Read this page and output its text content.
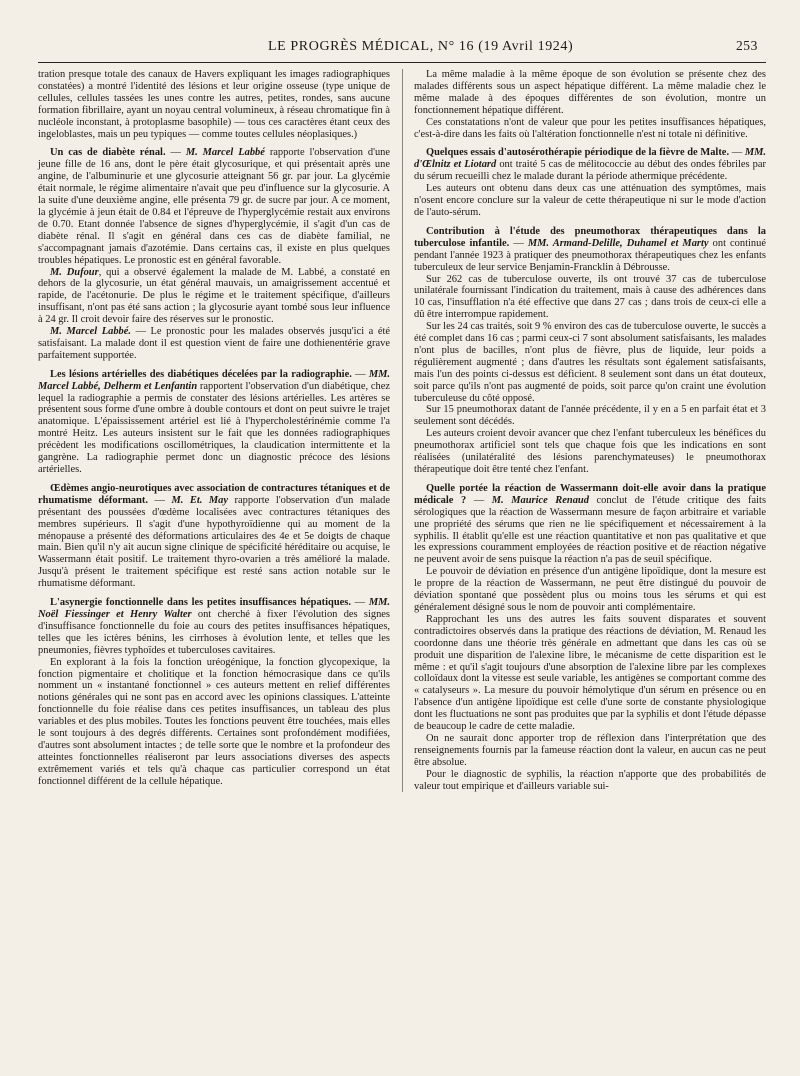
LE PROGRÈS MÉDICAL, N° 16 (19 Avril 1924)	253

tration presque totale des canaux de Havers expliquant les images radiographiques constatées) a montré l'identité des lésions et leur origine osseuse (type unique de cellules, cellules tassées les unes contre les autres, petites, rondes, sans aucune formation fibrillaire, ayant un noyau central volumineux, à réseau chromatique fin à nucléole inconstant, à protoplasme basophile) — tous ces caractères étant ceux des ingeloblastes, mais un peu typiques — comme toutes cellules néoplasiques.)

Un cas de diabète rénal. — M. Marcel Labbé rapporte l'observation d'une jeune fille de 16 ans, dont le père était glycosurique, et qui présentait après une angine, de l'albuminurie et une glycosurie atteignant 56 gr. par jour. La glycémie était normale, le régime alimentaire n'avait que peu d'influence sur la glycosurie. A la suite d'une deuxième angine, elle présenta 79 gr. de sucre par jour. A ce moment, la glycémie à jeun était de 0.84 et l'épreuve de l'hyperglycémie restait aux environs de 0.70. Etant donnée l'absence de signes d'hyperglycémie, il s'agit d'un cas de diabète rénal. Il s'agit en général dans ces cas de diabète familial, ne s'accompagnant jamais d'azotémie. Dans certains cas, il existe en plus quelques troubles hépatiques. Le pronostic est en général favorable.

M. Dufour, qui a observé également la malade de M. Labbé, a constaté en dehors de la glycosurie, un état général mauvais, un amaigrissement accentué et rapide, de l'acétonurie. De plus le régime et le traitement spécifique, d'ailleurs insuffisant, n'ont pas été sans action ; la glycosurie ayant tombé sous leur influence à 24 gr. Il croit devoir faire des réserves sur le pronostic.

M. Marcel Labbé. — Le pronostic pour les malades observés jusqu'ici a été satisfaisant. La malade dont il est question vient de faire une dothienentérie grave parfaitement supportée.

Les lésions artérielles des diabétiques décelées par la radiographie. — MM. Marcel Labbé, Delherm et Lenfantin rapportent l'observation d'un diabétique, chez lequel la radiographie a permis de constater des lésions artérielles. Les artères se présentent sous forme d'une ombre à double contours et dont on peut suivre le trajet anatomique. L'épaississement artériel est lié à l'hypercholestérinémie comme l'a montré Heitz. Les auteurs insistent sur le fait que les données radiographiques précèdent les modifications oscillométriques, la claudication intermittente et la gangrène. La radiographie permet donc un diagnostic précoce des lésions artérielles.

Œdèmes angio-neurotiques avec association de contractures tétaniques et de rhumatisme déformant. — M. Et. May rapporte l'observation d'un malade présentant des poussées d'œdème localisées avec contractures tétaniques des membres supérieurs. Il s'agit d'une hypothyroïdienne qui au moment de la ménopause a présenté des déformations articulaires des 4e et 5e doigts de chaque main. Bien qu'il n'y ait aucun signe clinique de spécificité héréditaire ou acquise, le Wassermann était positif. Le traitement thyro-ovarien a très amélioré la malade. Jusqu'à présent le traitement spécifique est resté sans action notable sur le rhumatisme déformant.

L'asynergie fonctionnelle dans les petites insuffisances hépatiques. — MM. Noël Fiessinger et Henry Walter ont cherché à fixer l'évolution des signes d'insuffisance fonctionnelle du foie au cours des petites insuffisances hépatiques, telles que les ictères bénins, les cirrhoses à évolution lente, et telles que les pneumonies, fièvres typhoïdes et tuberculoses cavitaires.

En explorant à la fois la fonction uréogénique, la fonction glycopexique, la fonction pigmentaire et cholitique et la fonction hémocrasique dans ce qu'ils nomment un « instantané fonctionnel » ces auteurs mettent en relief différentes notions générales qui ne sont pas en accord avec les opinions classiques. L'atteinte fonctionnelle du foie réalise dans ces petites insuffisances, un tableau des plus variables et des plus mobiles. Toutes les fonctions peuvent être touchées, mais elles le sont toujours à des degrés différents. Certaines sont profondément modifiées, d'autres sont absolument intactes ; de telle sorte que le nombre et la profondeur des atteintes fonctionnelles réaliseront par leurs associations diverses des aspects extrêmement variés et tels qu'à chaque cas particulier correspond un état fonctionnel différent de la cellule hépatique.

La même maladie à la même époque de son évolution se présente chez des malades différents sous un aspect hépatique différent. La même maladie chez le même malade à des époques différentes de son évolution, montre un fonctionnement hépatique différent.

Ces constatations n'ont de valeur que pour les petites insuffisances hépatiques, c'est-à-dire dans les faits où l'altération fonctionnelle n'est ni totale ni définitive.

Quelques essais d'autosérothérapie périodique de la fièvre de Malte. — MM. d'Œlnitz et Liotard ont traité 5 cas de mélitococcie au début des ondes fébriles par du sérum recueilli chez le malade durant la période athermique précédente.

Les auteurs ont obtenu dans deux cas une atténuation des symptômes, mais n'osent encore conclure sur la valeur de cette thérapeutique ni sur le mode d'action de l'auto-sérum.

Contribution à l'étude des pneumothorax thérapeutiques dans la tuberculose infantile. — MM. Armand-Delille, Duhamel et Marty ont continué pendant l'année 1923 à pratiquer des pneumothorax thérapeutiques chez les enfants tuberculeux de leur service Benjamin-Francklin à Débrousse.

Sur 262 cas de tuberculose ouverte, ils ont trouvé 37 cas de tuberculose unilatérale fournissant l'indication du traitement, mais à cause des adhérences dans 10 cas, l'insufflation n'a été effective que dans 27 cas ; dans trois de ceux-ci elle a dû être interrompue rapidement.

Sur les 24 cas traités, soit 9 % environ des cas de tuberculose ouverte, le succès a été complet dans 16 cas ; parmi ceux-ci 7 sont absolument satisfaisants, les malades n'ont plus de bacilles, n'ont plus de fièvre, plus de liquide, leur poids a régulièrement augmenté ; dans d'autres les résultats sont également satisfaisants, mais l'un des points ci-dessus est déficient. 8 seulement sont dans un état douteux, soit parce qu'ils n'ont pas augmenté de poids, soit parce qu'on craint une évolution tuberculeuse du côté opposé.

Sur 15 pneumothorax datant de l'année précédente, il y en a 5 en parfait état et 3 seulement sont décédés.

Les auteurs croient devoir avancer que chez l'enfant tuberculeux les bénéfices du pneumothorax artificiel sont tels que chaque fois que les indications en sont réalisées (unilatéralité des lésions parenchymateuses) le pneumothorax thérapeutique doit être tenté chez l'enfant.

Quelle portée la réaction de Wassermann doit-elle avoir dans la pratique médicale ? — M. Maurice Renaud conclut de l'étude critique des faits sérologiques que la réaction de Wassermann mesure de façon arbitraire et variable une propriété des sérums que rien ne lie spécifiquement et nécessairement à la syphilis. Il établit qu'elle est une réaction quantitative et non pas qualitative et que les expressions couramment employées de réaction positive et de réaction négative ne peuvent avoir de sens puisque la réaction n'a pas de seuil spécifique.

Le pouvoir de déviation en présence d'un antigène lipoïdique, dont la mesure est le propre de la réaction de Wassermann, ne peut être distingué du pouvoir de déviation spontané que possèdent plus ou moins tous les sérums et qui est généralement désigné sous le nom de pouvoir anti complémentaire.

Rapprochant les uns des autres les faits souvent disparates et souvent contradictoires observés dans la pratique des réactions de déviation, M. Renaud les coordonne dans une théorie très générale en admettant que dans les cas où se produit une disparition de l'alexine libre, le mécanisme de cette disparition est le même : et qu'il s'agit toujours d'une absorption de l'alexine libre par les complexes colloïdaux dont la vitesse est seule variable, les antigènes se comportant comme des « catalyseurs ». La mesure du pouvoir hémolytique d'un sérum en présence ou en l'absence d'un antigène lipoïdique est celle d'une sorte de constante physiologique dont les fluctuations ne sont pas produites que par la syphilis et dont l'étude dépasse de beaucoup le cadre de cette maladie.

On ne saurait donc apporter trop de réflexion dans l'interprétation que des renseignements fournis par la fameuse réaction dont la valeur, en aucun cas ne peut être absolue.

Pour le diagnostic de syphilis, la réaction n'apporte que des probabilités de valeur tout empirique et d'ailleurs variable sui-
